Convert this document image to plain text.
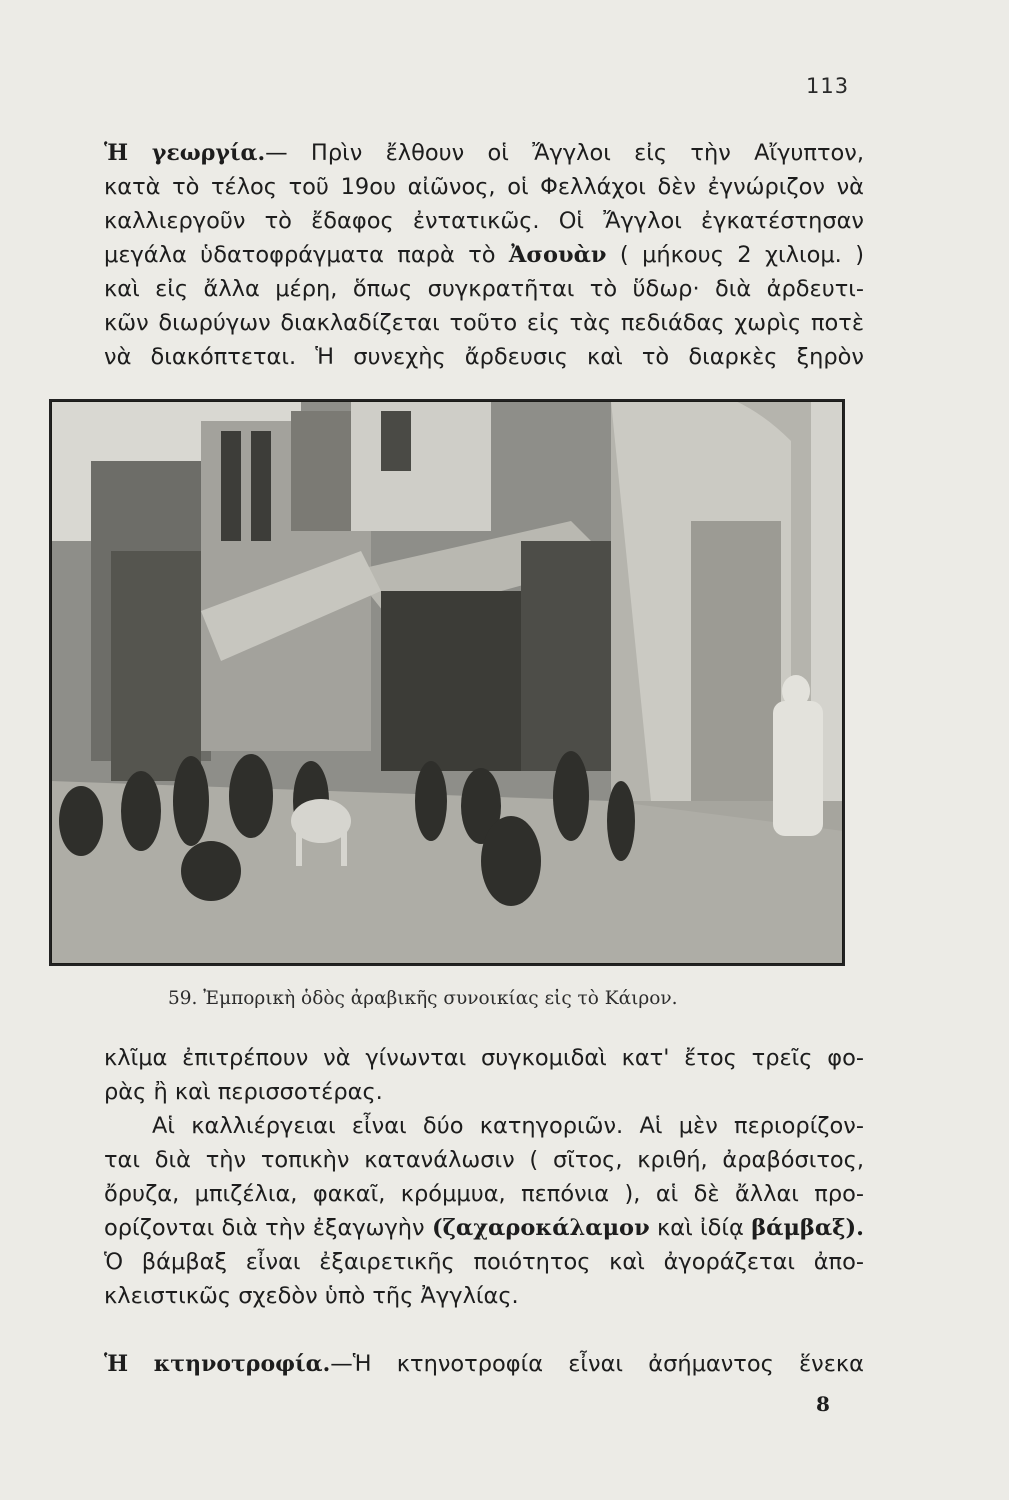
113
Ἡ γεωργία.— Πρὶν ἔλθουν οἱ Ἄγγλοι εἰς τὴν Αἴγυπτον,
κατὰ τὸ τέλος τοῦ 19ου αἰῶνος, οἱ Φελλάχοι δὲν ἐγνώριζον νὰ
καλλιεργοῦν τὸ ἔδαφος ἐντατικῶς. Οἱ Ἄγγλοι ἐγκατέστησαν
μεγάλα ὑδατοφράγματα παρὰ τὸ Ἀσουὰν ( μήκους 2 χιλιομ. )
καὶ εἰς ἄλλα μέρη, ὅπως συγκρατῆται τὸ ὕδωρ· διὰ ἀρδευτι-
κῶν διωρύγων διακλαδίζεται τοῦτο εἰς τὰς πεδιάδας χωρὶς ποτὲ
νὰ διακόπτεται. Ἡ συνεχὴς ἄρδευσις καὶ τὸ διαρκὲς ξηρὸν
59. Ἐμπορικὴ ὁδὸς ἀραβικῆς συνοικίας εἰς τὸ Κάιρον.
κλῖμα ἐπιτρέπουν νὰ γίνωνται συγκομιδαὶ κατ' ἔτος τρεῖς φο-
ρὰς ἢ καὶ περισσοτέρας.
Αἱ καλλιέργειαι εἶναι δύο κατηγοριῶν. Αἱ μὲν περιορίζον-
ται διὰ τὴν τοπικὴν κατανάλωσιν ( σῖτος, κριθή, ἀραβόσιτος,
ὄρυζα, μπιζέλια, φακαῖ, κρόμμυα, πεπόνια ), αἱ δὲ ἄλλαι προ-
ορίζονται διὰ τὴν ἐξαγωγὴν (ζαχαροκάλαμον καὶ ἰδίᾳ βάμβαξ).
Ὁ βάμβαξ εἶναι ἐξαιρετικῆς ποιότητος καὶ ἀγοράζεται ἀπο-
κλειστικῶς σχεδὸν ὑπὸ τῆς Ἀγγλίας.
Ἡ κτηνοτροφία.—Ἡ κτηνοτροφία εἶναι ἀσήμαντος ἕνεκα
8
